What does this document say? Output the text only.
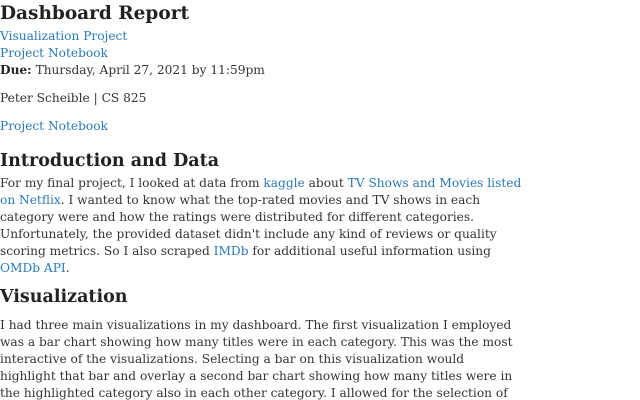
Dashboard Report
Visualization Project
Project Notebook
Due: Thursday, April 27, 2021 by 11:59pm
Peter Scheible | CS 825
Project Notebook
Introduction and Data
For my final project, I looked at data from kaggle about TV Shows and Movies listed
on Netflix. I wanted to know what the top-rated movies and TV shows in each
category were and how the ratings were distributed for different categories.
Unfortunately, the provided dataset didn't include any kind of reviews or quality
scoring metrics. So I also scraped IMDb for additional useful information using
OMDb API.
Visualization
I had three main visualizations in my dashboard. The first visualization I employed
was a bar chart showing how many titles were in each category. This was the most
interactive of the visualizations. Selecting a bar on this visualization would
highlight that bar and overlay a second bar chart showing how many titles were in
the highlighted category also in each other category. I allowed for the selection of
